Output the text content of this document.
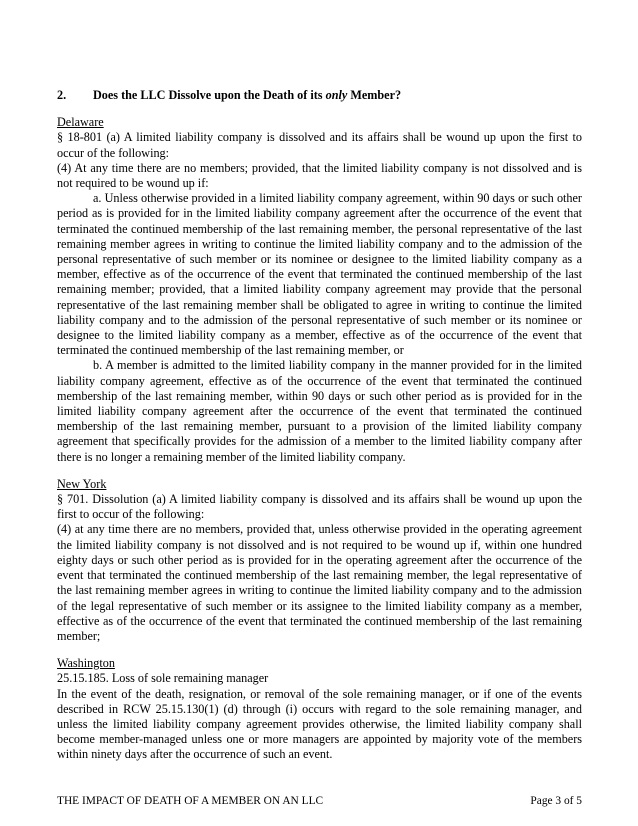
2.	Does the LLC Dissolve upon the Death of its only Member?

Delaware

§ 18-801 (a) A limited liability company is dissolved and its affairs shall be wound up upon the first to occur of the following:

(4) At any time there are no members; provided, that the limited liability company is not dissolved and is not required to be wound up if:

a. Unless otherwise provided in a limited liability company agreement, within 90 days or such other period as is provided for in the limited liability company agreement after the occurrence of the event that terminated the continued membership of the last remaining member, the personal representative of the last remaining member agrees in writing to continue the limited liability company and to the admission of the personal representative of such member or its nominee or designee to the limited liability company as a member, effective as of the occurrence of the event that terminated the continued membership of the last remaining member; provided, that a limited liability company agreement may provide that the personal representative of the last remaining member shall be obligated to agree in writing to continue the limited liability company and to the admission of the personal representative of such member or its nominee or designee to the limited liability company as a member, effective as of the occurrence of the event that terminated the continued membership of the last remaining member, or

b. A member is admitted to the limited liability company in the manner provided for in the limited liability company agreement, effective as of the occurrence of the event that terminated the continued membership of the last remaining member, within 90 days or such other period as is provided for in the limited liability company agreement after the occurrence of the event that terminated the continued membership of the last remaining member, pursuant to a provision of the limited liability company agreement that specifically provides for the admission of a member to the limited liability company after there is no longer a remaining member of the limited liability company.

New York

§ 701. Dissolution (a) A limited liability company is dissolved and its affairs shall be wound up upon the first to occur of the following:

(4) at any time there are no members, provided that, unless otherwise provided in the operating agreement the limited liability company is not dissolved and is not required to be wound up if, within one hundred eighty days or such other period as is provided for in the operating agreement after the occurrence of the event that terminated the continued membership of the last remaining member, the legal representative of the last remaining member agrees in writing to continue the limited liability company and to the admission of the legal representative of such member or its assignee to the limited liability company as a member, effective as of the occurrence of the event that terminated the continued membership of the last remaining member;

Washington

25.15.185. Loss of sole remaining manager

In the event of the death, resignation, or removal of the sole remaining manager, or if one of the events described in RCW 25.15.130(1) (d) through (i) occurs with regard to the sole remaining manager, and unless the limited liability company agreement provides otherwise, the limited liability company shall become member-managed unless one or more managers are appointed by majority vote of the members within ninety days after the occurrence of such an event.

THE IMPACT OF DEATH OF A MEMBER ON AN LLC	Page 3 of 5
